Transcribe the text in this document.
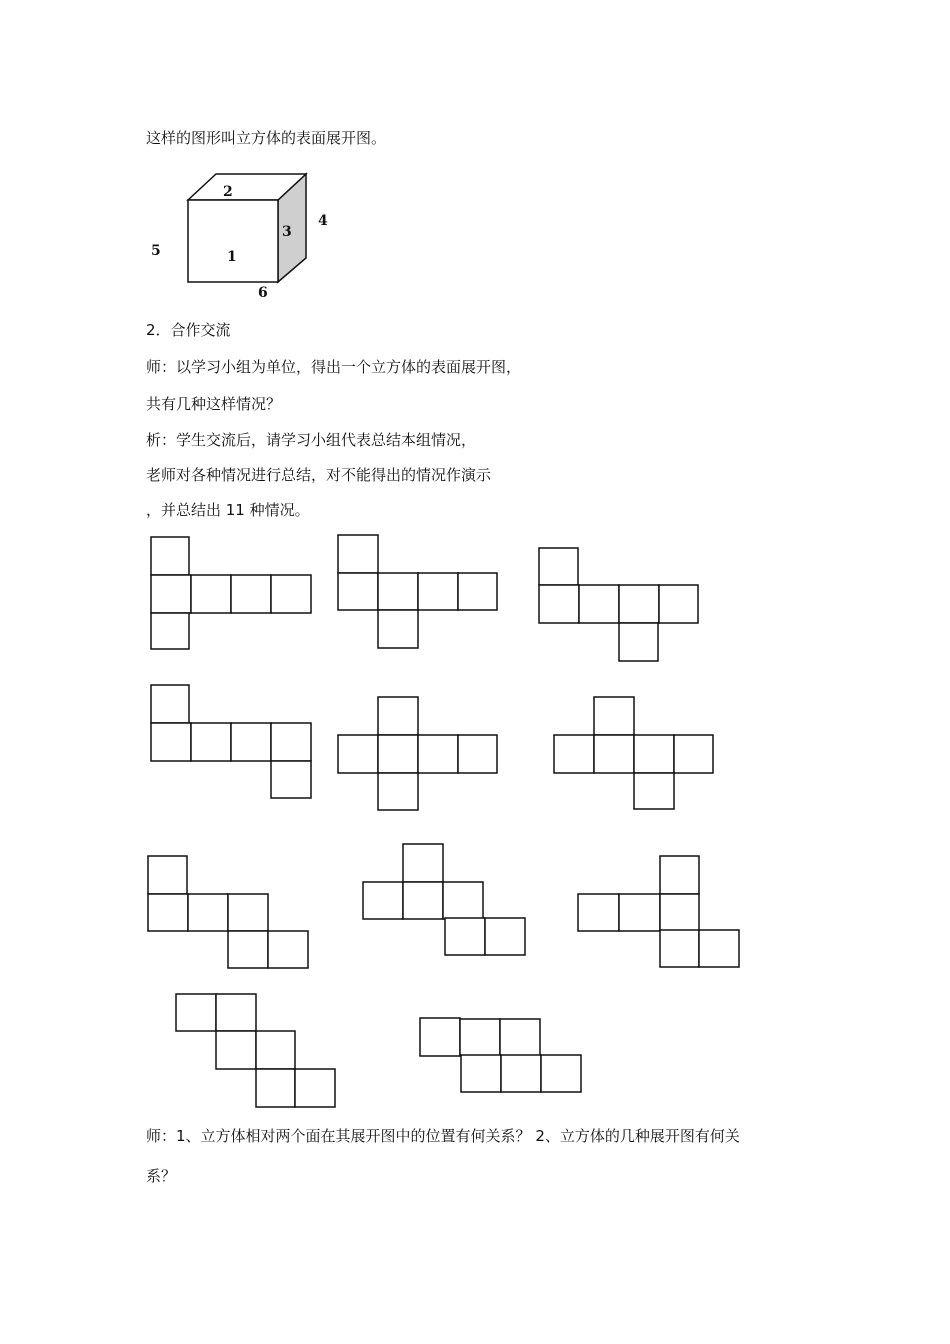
这样的图形叫立方体的表面展开图。
2
3
4
5	1
6
2．合作交流
师：以学习小组为单位，得出一个立方体的表面展开图，
共有几种这样情况？
析：学生交流后，请学习小组代表总结本组情况，
老师对各种情况进行总结，对不能得出的情况作演示
，并总结出 11 种情况。
师：1、立方体相对两个面在其展开图中的位置有何关系？ 2、立方体的几种展开图有何关
系？
